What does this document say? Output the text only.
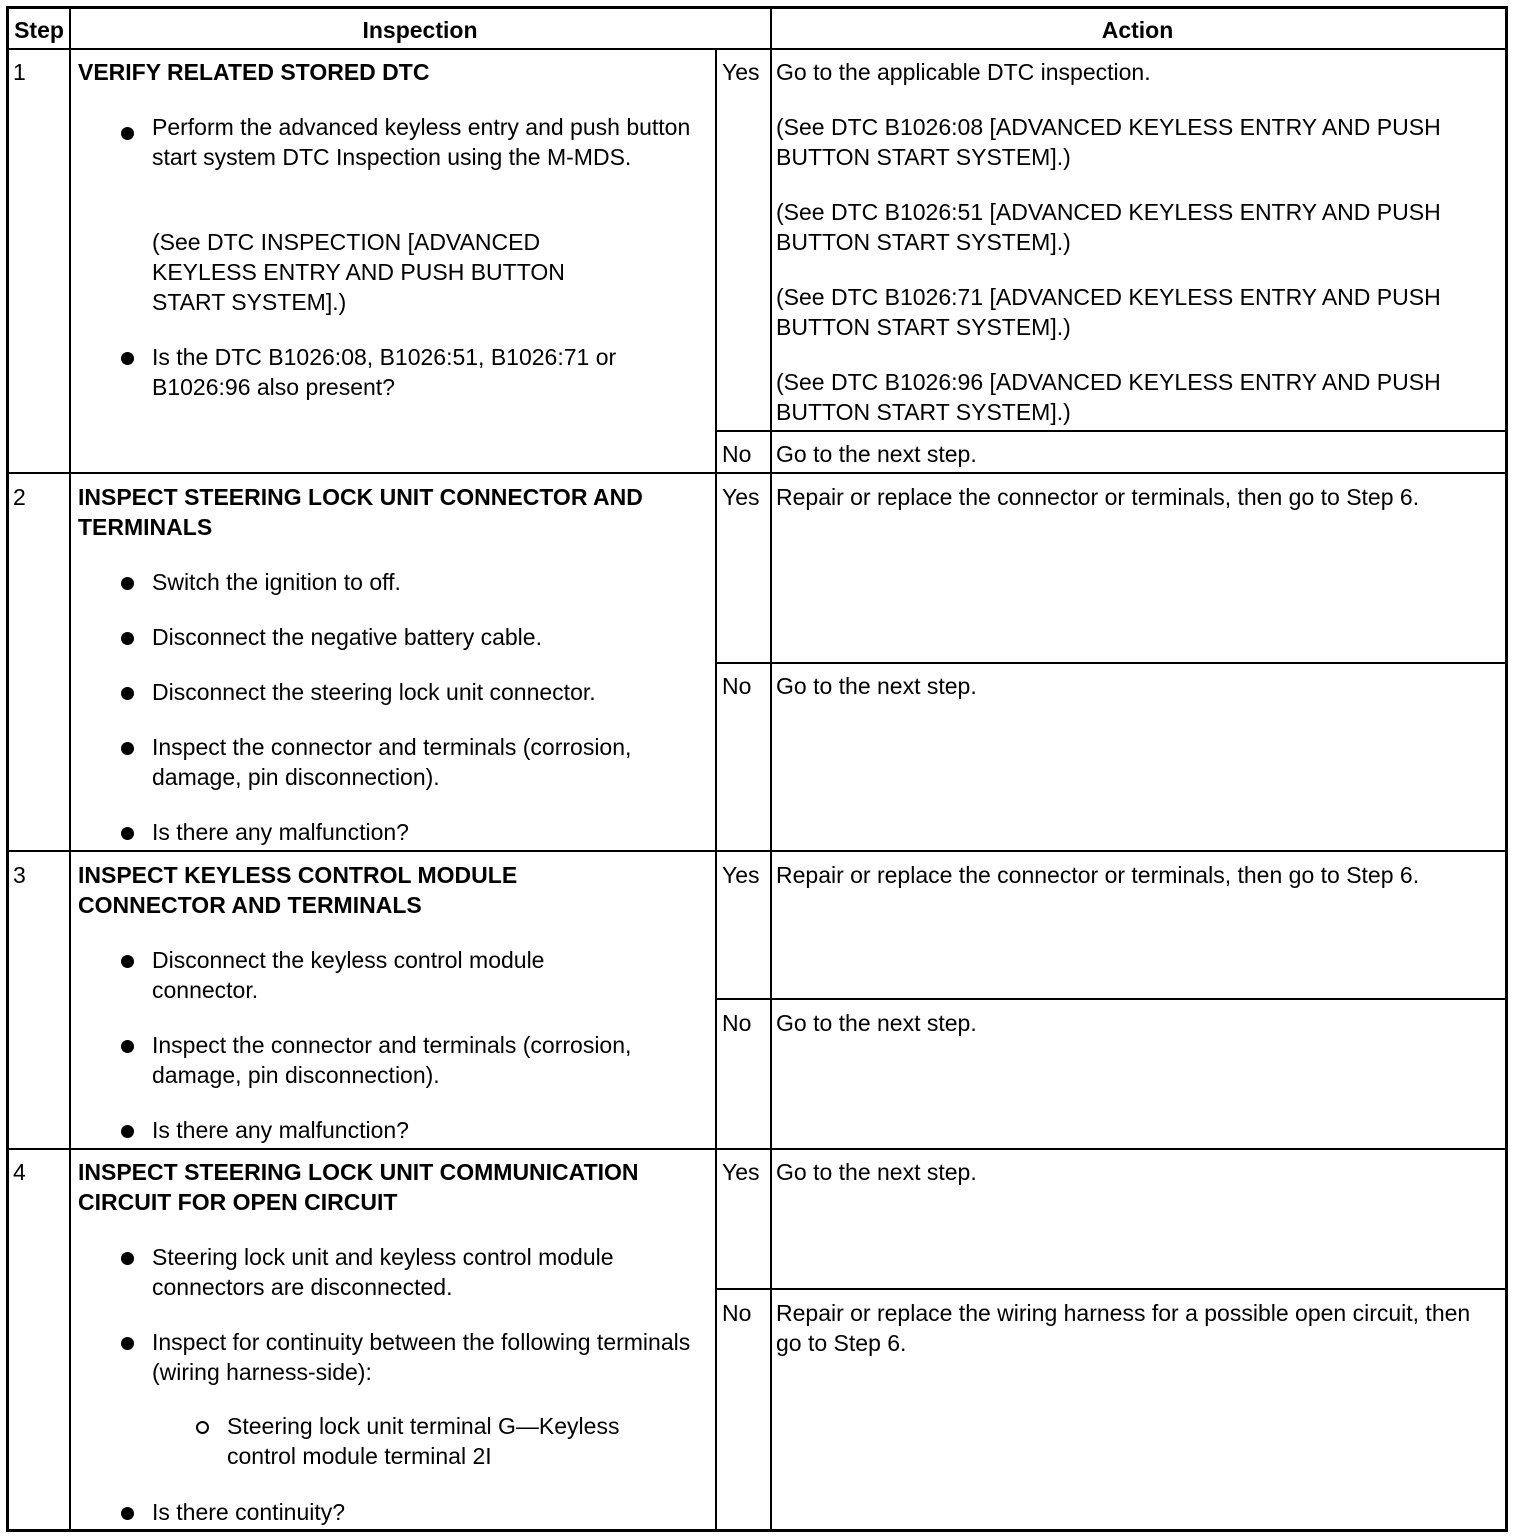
Step	Inspection	Action
1 VERIFY RELATED STORED DTC
Perform the advanced keyless entry and push button start system DTC Inspection using the M-MDS.
(See DTC INSPECTION [ADVANCED KEYLESS ENTRY AND PUSH BUTTON START SYSTEM].)
Is the DTC B1026:08, B1026:51, B1026:71 or B1026:96 also present?
Yes Go to the applicable DTC inspection.
(See DTC B1026:08 [ADVANCED KEYLESS ENTRY AND PUSH BUTTON START SYSTEM].)
(See DTC B1026:51 [ADVANCED KEYLESS ENTRY AND PUSH BUTTON START SYSTEM].)
(See DTC B1026:71 [ADVANCED KEYLESS ENTRY AND PUSH BUTTON START SYSTEM].)
(See DTC B1026:96 [ADVANCED KEYLESS ENTRY AND PUSH BUTTON START SYSTEM].)
No Go to the next step.
2 INSPECT STEERING LOCK UNIT CONNECTOR AND TERMINALS
Switch the ignition to off.
Disconnect the negative battery cable.
Disconnect the steering lock unit connector.
Inspect the connector and terminals (corrosion, damage, pin disconnection).
Is there any malfunction?
Yes Repair or replace the connector or terminals, then go to Step 6.
No Go to the next step.
3 INSPECT KEYLESS CONTROL MODULE CONNECTOR AND TERMINALS
Disconnect the keyless control module connector.
Inspect the connector and terminals (corrosion, damage, pin disconnection).
Is there any malfunction?
Yes Repair or replace the connector or terminals, then go to Step 6.
No Go to the next step.
4 INSPECT STEERING LOCK UNIT COMMUNICATION CIRCUIT FOR OPEN CIRCUIT
Steering lock unit and keyless control module connectors are disconnected.
Inspect for continuity between the following terminals (wiring harness-side):
Steering lock unit terminal G—Keyless control module terminal 2I
Is there continuity?
Yes Go to the next step.
No Repair or replace the wiring harness for a possible open circuit, then go to Step 6.
